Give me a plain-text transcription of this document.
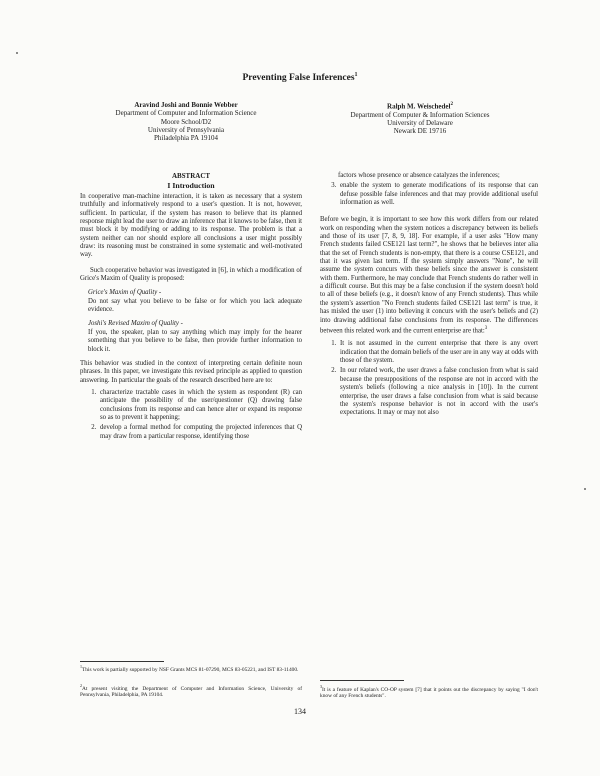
Preventing False Inferences$^1$
Aravind Joshi and Bonnie Webber
Department of Computer and Information Science
Moore School/D2
University of Pennsylvania
Philadelphia PA 19104
Ralph M. Weischedel$^2$
Department of Computer & Information Sciences
University of Delaware
Newark DE 19716
ABSTRACT
I Introduction

In cooperative man-machine interaction, it is taken as necessary that a system truthfully and informatively respond to a user's question. It is not, however, sufficient. In particular, if the system has reason to believe that its planned response might lead the user to draw an inference that it knows to be false, then it must block it by modifying or adding to its response. The problem is that a system neither can nor should explore all conclusions a user might possibly draw: its reasoning must be constrained in some systematic and well-motivated way.

Such cooperative behavior was investigated in [6], in which a modification of Grice's Maxim of Quality is proposed:

Grice's Maxim of Quality -
Do not say what you believe to be false or for which you lack adequate evidence.
Joshi's Revised Maxim of Quality -
If you, the speaker, plan to say anything which may imply for the hearer something that you believe to be false, then provide further information to block it.

This behavior was studied in the context of interpreting certain definite noun phrases. In this paper, we investigate this revised principle as applied to question answering. In particular the goals of the research described here are to:

1. characterize tractable cases in which the system as respondent (R) can anticipate the possibility of the user/questioner (Q) drawing false conclusions from its response and can hence alter or expand its response so as to prevent it happening;
2. develop a formal method for computing the projected inferences that Q may draw from a particular response, identifying those
$^1$This work is partially supported by NSF Grants MCS 81-07290, MCS 83-05221, and IST 83-11400.
$^2$At present visiting the Department of Computer and Information Science, University of Pennsylvania, Philadelphia, PA 19104.
factors whose presence or absence catalyzes the inferences;
3. enable the system to generate modifications of its response that can defuse possible false inferences and that may provide additional useful information as well.

Before we begin, it is important to see how this work differs from our related work on responding when the system notices a discrepancy between its beliefs and those of its user [7, 8, 9, 18]. For example, if a user asks "How many French students failed CSE121 last term?", he shows that he believes inter alia that the set of French students is non-empty, that there is a course CSE121, and that it was given last term. If the system simply answers "None", he will assume the system concurs with these beliefs since the answer is consistent with them. Furthermore, he may conclude that French students do rather well in a difficult course. But this may be a false conclusion if the system doesn't hold to all of these beliefs (e.g., it doesn't know of any French students). Thus while the system's assertion "No French students failed CSE121 last term" is true, it has misled the user (1) into believing it concurs with the user's beliefs and (2) into drawing additional false conclusions from its response. The differences between this related work and the current enterprise are that:$^3$

1. It is not assumed in the current enterprise that there is any overt indication that the domain beliefs of the user are in any way at odds with those of the system.
2. In our related work, the user draws a false conclusion from what is said because the presuppositions of the response are not in accord with the system's beliefs (following a nice analysis in [10]). In the current enterprise, the user draws a false conclusion from what is said because the system's response behavior is not in accord with the user's expectations. It may or may not also
$^3$It is a feature of Kaplan's CO-OP system [7] that it points out the discrepancy by saying "I don't know of any French students".
134
